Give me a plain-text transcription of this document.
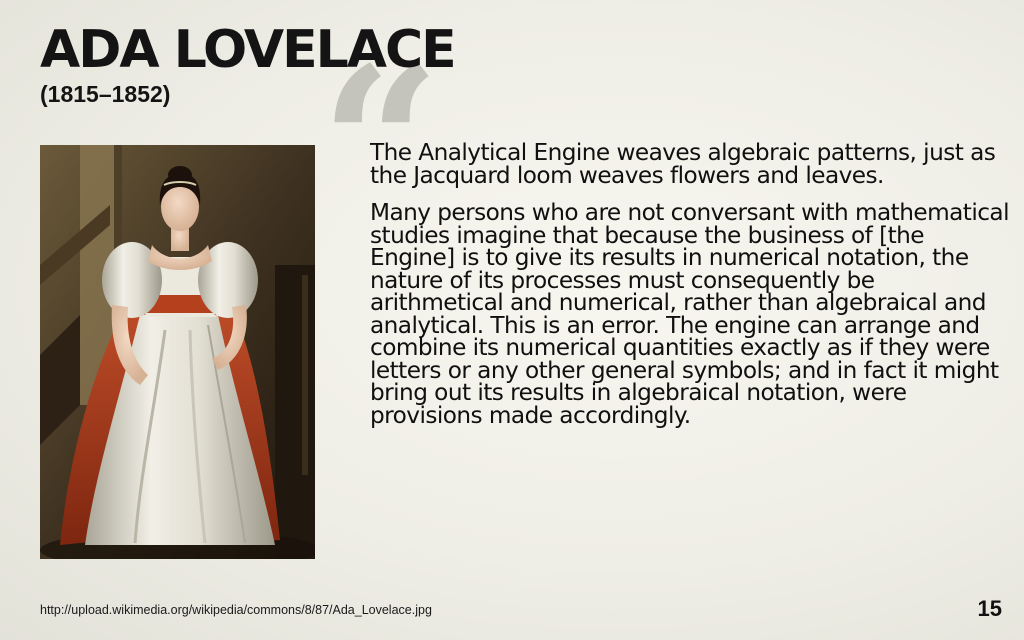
ADA LOVELACE
(1815–1852) “

The Analytical Engine weaves algebraic patterns, just as the Jacquard loom weaves flowers and leaves.

Many persons who are not conversant with mathematical studies imagine that because the business of [the Engine] is to give its results in numerical notation, the nature of its processes must consequently be arithmetical and numerical, rather than algebraical and analytical. This is an error. The engine can arrange and combine its numerical quantities exactly as if they were letters or any other general symbols; and in fact it might bring out its results in algebraical notation, were provisions made accordingly.

http://upload.wikimedia.org/wikipedia/commons/8/87/Ada_Lovelace.jpg	15
